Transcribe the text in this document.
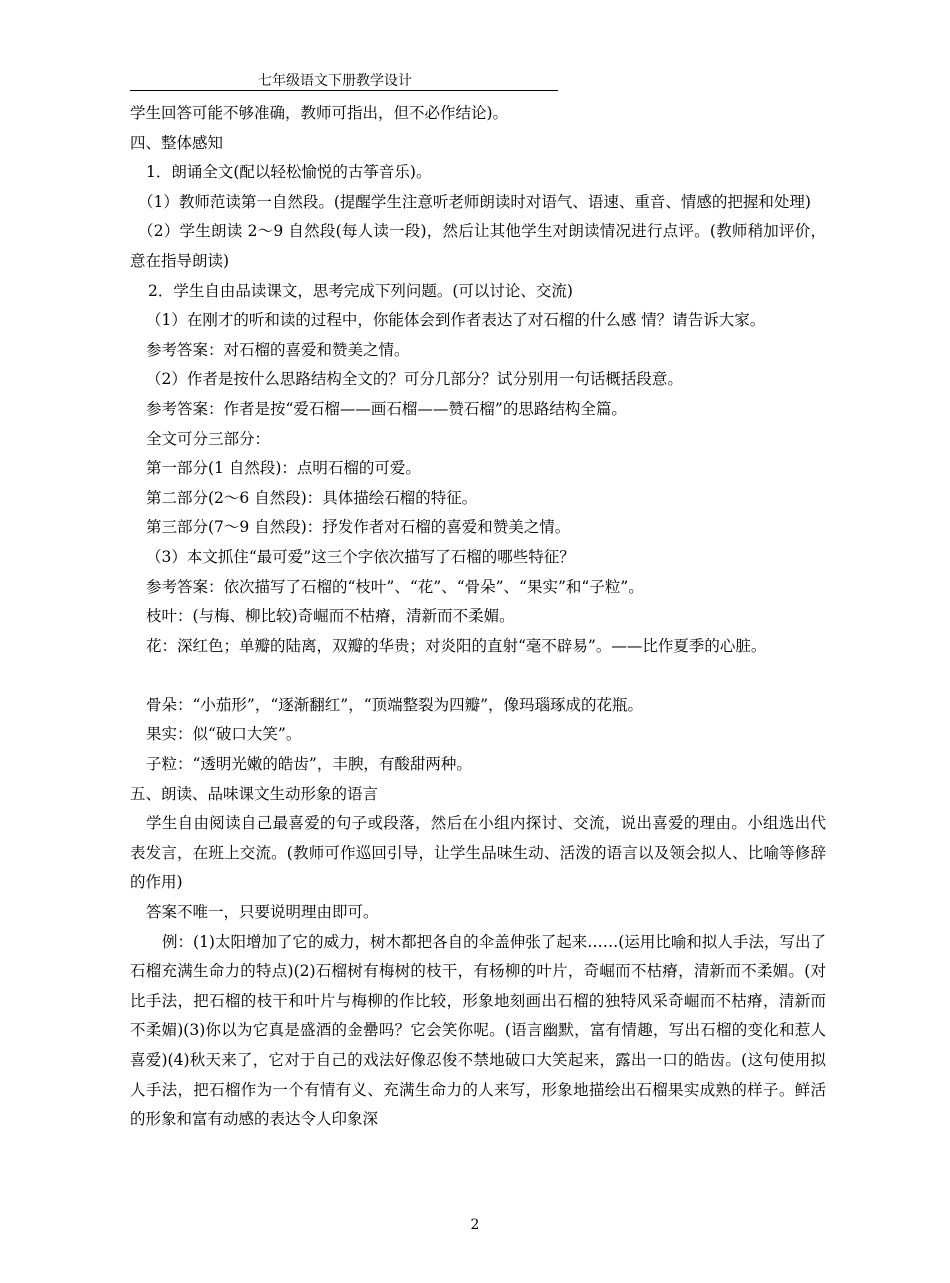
七年级语文下册教学设计

学生回答可能不够准确，教师可指出，但不必作结论)。

四、整体感知

1．朗诵全文(配以轻松愉悦的古筝音乐)。

（1）教师范读第一自然段。(提醒学生注意听老师朗读时对语气、语速、重音、情感的把握和处理)

（2）学生朗读 2～9 自然段(每人读一段)，然后让其他学生对朗读情况进行点评。(教师稍加评价，意在指导朗读)

2．学生自由品读课文，思考完成下列问题。(可以讨论、交流)

（1）在刚才的听和读的过程中，你能体会到作者表达了对石榴的什么感 情？请告诉大家。

参考答案：对石榴的喜爱和赞美之情。

（2）作者是按什么思路结构全文的？可分几部分？试分别用一句话概括段意。

参考答案：作者是按“爱石榴——画石榴——赞石榴”的思路结构全篇。

全文可分三部分：

第一部分(1 自然段)：点明石榴的可爱。

第二部分(2～6 自然段)：具体描绘石榴的特征。

第三部分(7～9 自然段)：抒发作者对石榴的喜爱和赞美之情。

（3）本文抓住“最可爱”这三个字依次描写了石榴的哪些特征？

参考答案：依次描写了石榴的“枝叶”、“花”、“骨朵”、“果实”和“子粒”。

枝叶：(与梅、柳比较)奇崛而不枯瘠，清新而不柔媚。

花：深红色；单瓣的陆离，双瓣的华贵；对炎阳的直射“毫不辟易”。——比作夏季的心脏。

骨朵：“小茄形”，“逐渐翻红”，“顶端整裂为四瓣”，像玛瑙琢成的花瓶。

果实：似“破口大笑”。

子粒：“透明光嫩的皓齿”，丰腴，有酸甜两种。

五、朗读、品味课文生动形象的语言

学生自由阅读自己最喜爱的句子或段落，然后在小组内探讨、交流，说出喜爱的理由。小组选出代表发言，在班上交流。(教师可作巡回引导，让学生品味生动、活泼的语言以及领会拟人、比喻等修辞的作用)

答案不唯一，只要说明理由即可。

例：(1)太阳增加了它的威力，树木都把各自的伞盖伸张了起来……(运用比喻和拟人手法，写出了石榴充满生命力的特点)(2)石榴树有梅树的枝干，有杨柳的叶片，奇崛而不枯瘠，清新而不柔媚。(对比手法，把石榴的枝干和叶片与梅柳的作比较，形象地刻画出石榴的独特风采奇崛而不枯瘠，清新而不柔媚)(3)你以为它真是盛酒的金罍吗？它会笑你呢。(语言幽默，富有情趣，写出石榴的变化和惹人喜爱)(4)秋天来了，它对于自己的戏法好像忍俊不禁地破口大笑起来，露出一口的皓齿。(这句使用拟人手法，把石榴作为一个有情有义、充满生命力的人来写，形象地描绘出石榴果实成熟的样子。鲜活的形象和富有动感的表达令人印象深

2
